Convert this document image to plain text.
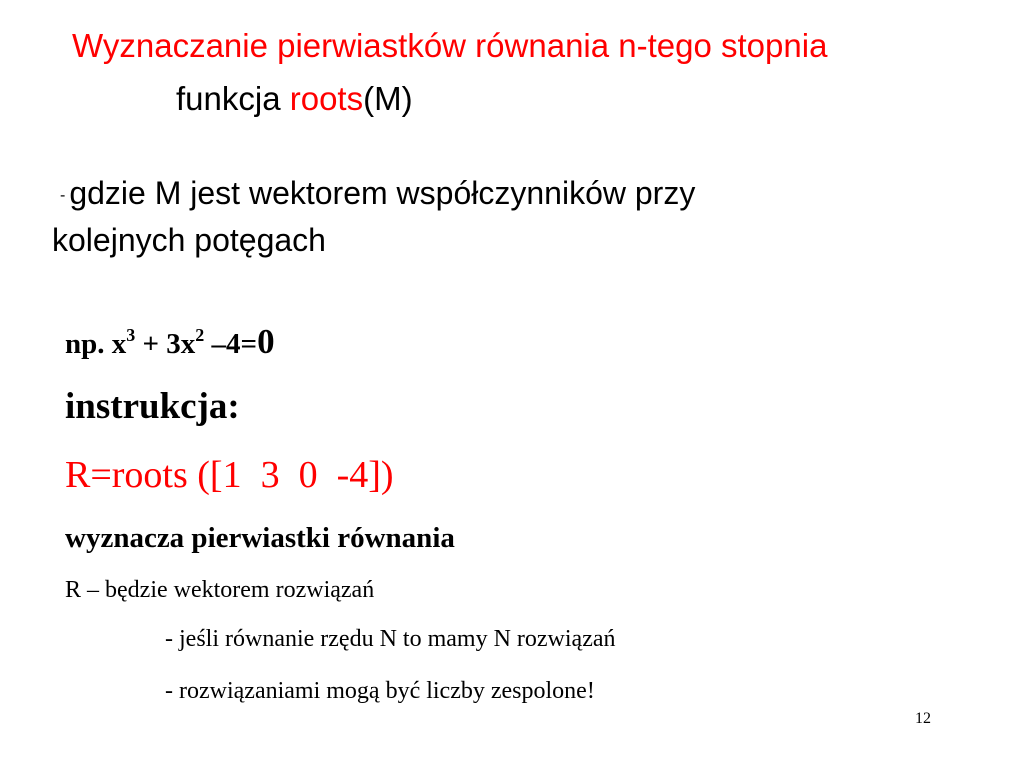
Wyznaczanie pierwiastków równania n-tego stopnia
funkcja roots(M)
- gdzie M jest wektorem współczynników przy
kolejnych potęgach
np. $x^3 + 3x^2$ –4=0
instrukcja:
R=roots ([1  3  0  -4])
wyznacza pierwiastki równania
R – będzie wektorem rozwiązań
- jeśli równanie rzędu N to mamy N rozwiązań
- rozwiązaniami mogą być liczby zespolone!
12
